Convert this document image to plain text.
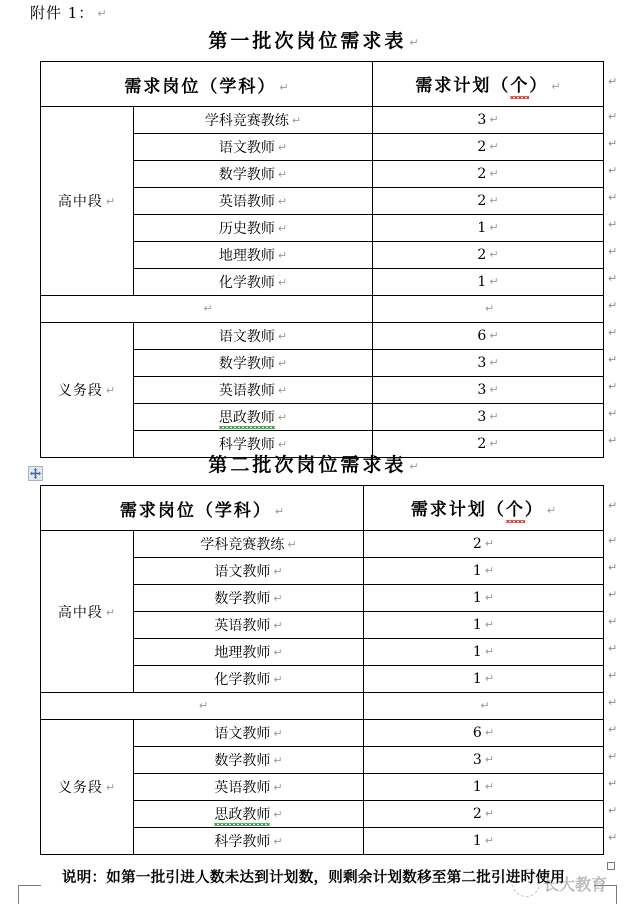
附件 1： ↵
第一批次岗位需求表 ↵
需求岗位（学科） ↵		需求计划（个） ↵
高中段 ↵	学科竞赛教练 ↵	3 ↵
	语文教师 ↵	2 ↵
	数学教师 ↵	2 ↵
	英语教师 ↵	2 ↵
	历史教师 ↵	1 ↵
	地理教师 ↵	2 ↵
	化学教师 ↵	1 ↵
↵		↵
义务段 ↵	语文教师 ↵	6 ↵
	数学教师 ↵	3 ↵
	英语教师 ↵	3 ↵
	思政教师 ↵	3 ↵
	科学教师 ↵	2 ↵
第二批次岗位需求表 ↵
需求岗位（学科） ↵		需求计划（个） ↵
高中段 ↵	学科竞赛教练 ↵	2 ↵
	语文教师 ↵	1 ↵
	数学教师 ↵	1 ↵
	英语教师 ↵	1 ↵
	地理教师 ↵	1 ↵
	化学教师 ↵	1 ↵
↵		↵
义务段 ↵	语文教师 ↵	6 ↵
	数学教师 ↵	3 ↵
	英语教师 ↵	1 ↵
	思政教师 ↵	2 ↵
	科学教师 ↵	1 ↵
说明：如第一批引进人数未达到计划数，则剩余计划数移至第二批引进时使用
长大教育
↵
↵
↵
↵
↵
↵
↵
↵
↵
↵
↵
↵
↵
↵
↵
↵
↵
↵
↵
↵
↵
↵
↵
↵
↵
↵
↵
